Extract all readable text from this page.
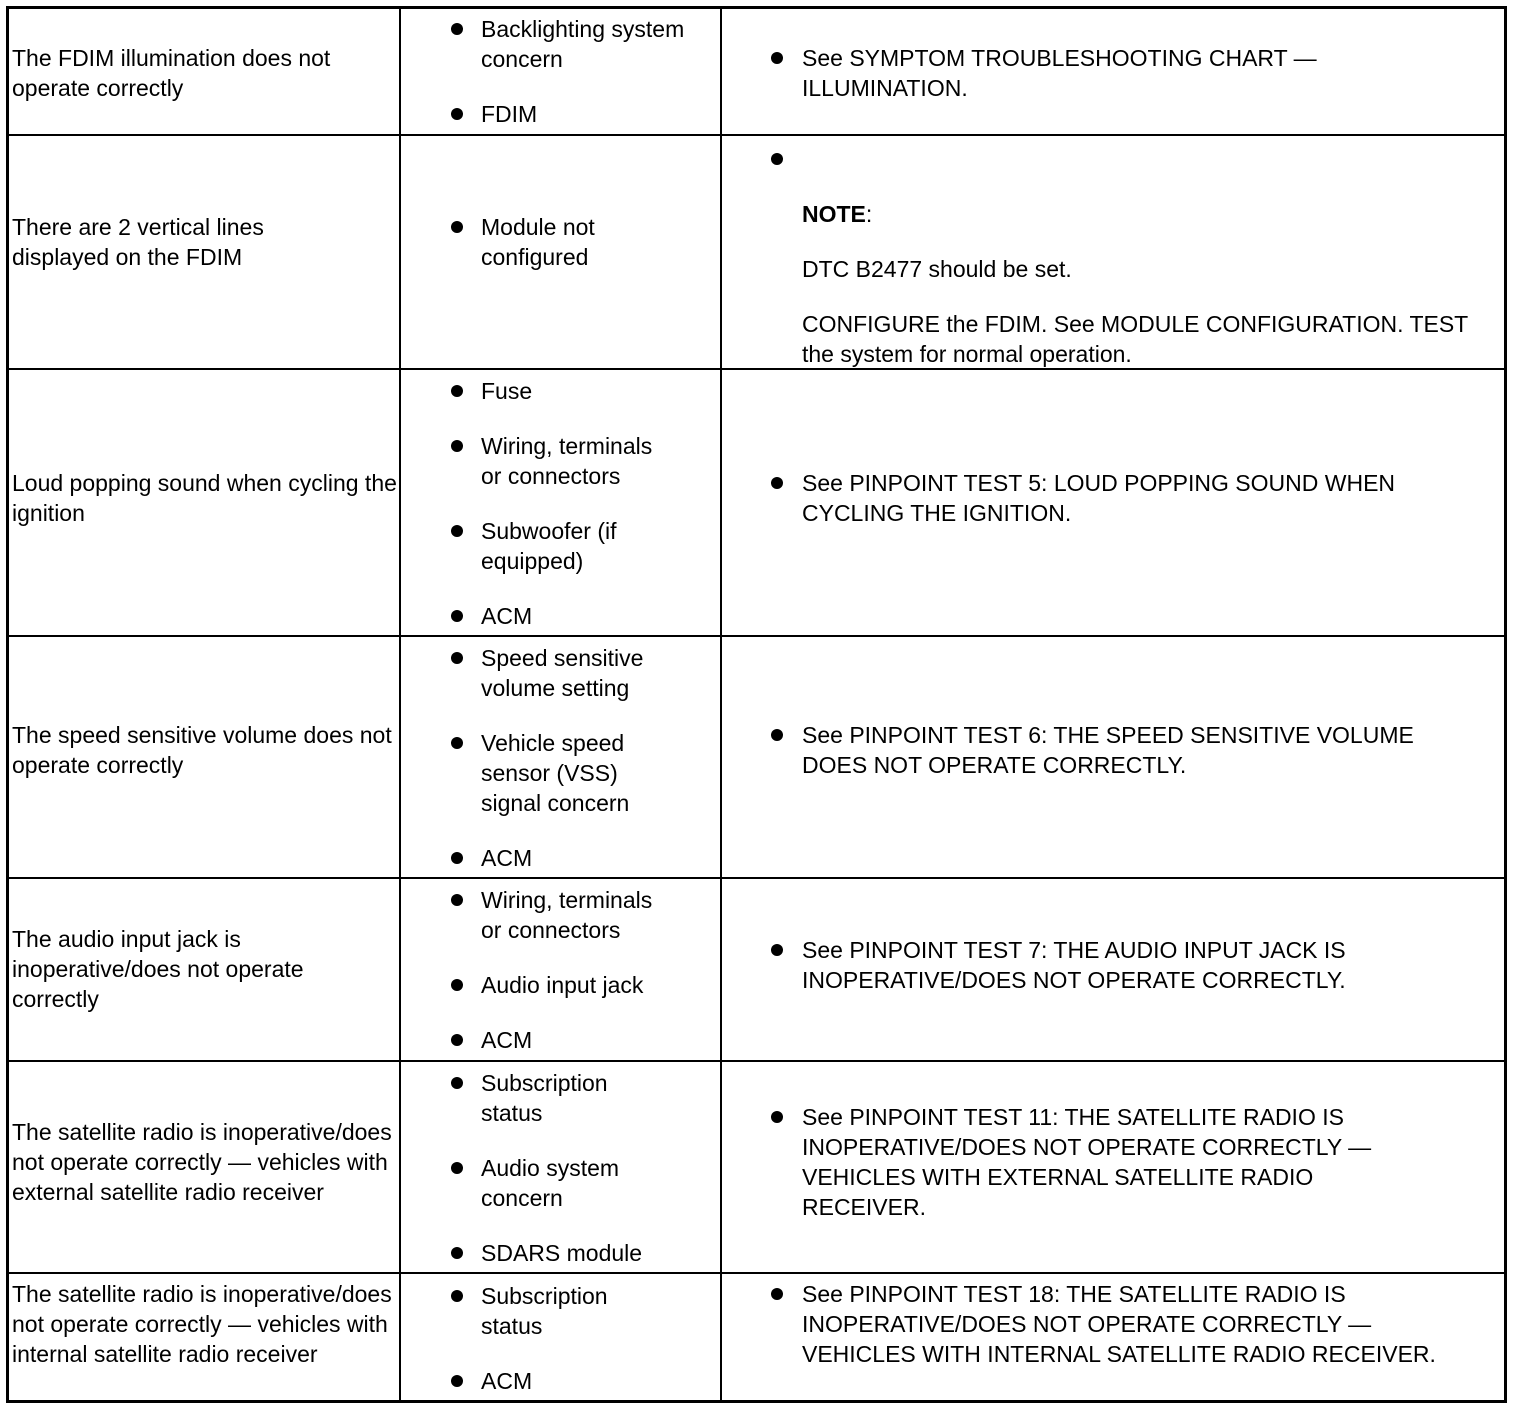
The FDIM illumination does not operate correctly
Backlighting system concern
FDIM
See SYMPTOM TROUBLESHOOTING CHART — ILLUMINATION.
There are 2 vertical lines displayed on the FDIM
Module not configured

NOTE:

DTC B2477 should be set.

CONFIGURE the FDIM. See MODULE CONFIGURATION. TEST the system for normal operation.

Loud popping sound when cycling the ignition
Fuse
Wiring, terminals or connectors
Subwoofer (if equipped)
ACM
See PINPOINT TEST 5: LOUD POPPING SOUND WHEN CYCLING THE IGNITION.
The speed sensitive volume does not operate correctly
Speed sensitive volume setting
Vehicle speed sensor (VSS) signal concern
ACM
See PINPOINT TEST 6: THE SPEED SENSITIVE VOLUME DOES NOT OPERATE CORRECTLY.
The audio input jack is inoperative/does not operate correctly
Wiring, terminals or connectors
Audio input jack
ACM
See PINPOINT TEST 7: THE AUDIO INPUT JACK IS INOPERATIVE/DOES NOT OPERATE CORRECTLY.
The satellite radio is inoperative/does not operate correctly — vehicles with external satellite radio receiver
Subscription status
Audio system concern
SDARS module
See PINPOINT TEST 11: THE SATELLITE RADIO IS INOPERATIVE/DOES NOT OPERATE CORRECTLY — VEHICLES WITH EXTERNAL SATELLITE RADIO RECEIVER.
The satellite radio is inoperative/does not operate correctly — vehicles with internal satellite radio receiver
Subscription status
ACM
See PINPOINT TEST 18: THE SATELLITE RADIO IS INOPERATIVE/DOES NOT OPERATE CORRECTLY — VEHICLES WITH INTERNAL SATELLITE RADIO RECEIVER.
